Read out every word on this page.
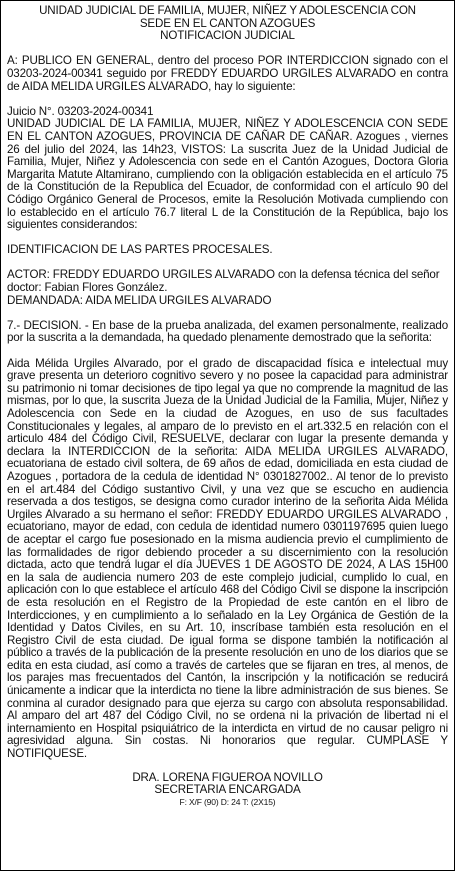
UNIDAD JUDICIAL DE FAMILIA, MUJER, NIÑEZ Y ADOLESCENCIA CON
SEDE EN EL CANTON AZOGUES
NOTIFICACION JUDICIAL

A: PUBLICO EN GENERAL, dentro del proceso POR INTERDICCION signado con el 03203-2024-00341 seguido por FREDDY EDUARDO URGILES ALVARADO en contra de AIDA MELIDA URGILES ALVARADO, hay lo siguiente:

Juicio N°. 03203-2024-00341

UNIDAD JUDICIAL DE LA FAMILIA, MUJER, NIÑEZ Y ADOLESCENCIA CON SEDE EN EL CANTON AZOGUES, PROVINCIA DE CAÑAR DE CAÑAR. Azogues , viernes 26 del julio del 2024, las 14h23, VISTOS: La suscrita Juez de la Unidad Judicial de Familia, Mujer, Niñez y Adolescencia con sede en el Cantón Azogues, Doctora Gloria Margarita Matute Altamirano, cumpliendo con la obligación establecida en el artículo 75 de la Constitución de la Republica del Ecuador, de conformidad con el artículo 90 del Código Orgánico General de Procesos, emite la Resolución Motivada cumpliendo con lo establecido en el artículo 76.7 literal L de la Constitución de la República, bajo los siguientes considerandos:

IDENTIFICACION DE LAS PARTES PROCESALES.

ACTOR: FREDDY EDUARDO URGILES ALVARADO con la defensa técnica del señor doctor: Fabian Flores González.

DEMANDADA: AIDA MELIDA URGILES ALVARADO

7.- DECISION. - En base de la prueba analizada, del examen personalmente, realizado por la suscrita a la demandada, ha quedado plenamente demostrado que la señorita:

Aida Mélida Urgiles Alvarado, por el grado de discapacidad física e intelectual muy grave presenta un deterioro cognitivo severo y no posee la capacidad para administrar su patrimonio ni tomar decisiones de tipo legal ya que no comprende la magnitud de las mismas, por lo que, la suscrita Jueza de la Unidad Judicial de la Familia, Mujer, Niñez y Adolescencia con Sede en la ciudad de Azogues, en uso de sus facultades Constitucionales y legales, al amparo de lo previsto en el art.332.5 en relación con el articulo 484 del Código Civil, RESUELVE, declarar con lugar la presente demanda y declara la INTERDICCION de la señorita: AIDA MELIDA URGILES ALVARADO, ecuatoriana de estado civil soltera, de 69 años de edad, domiciliada en esta ciudad de Azogues , portadora de la cedula de identidad N° 0301827002.. Al tenor de lo previsto en el art.484 del Código sustantivo Civil, y una vez que se escucho en audiencia reservada a dos testigos, se designa como curador interino de la señorita Aida Mélida Urgiles Alvarado a su hermano el señor: FREDDY EDUARDO URGILES ALVARADO , ecuatoriano, mayor de edad, con cedula de identidad numero 0301197695 quien luego de aceptar el cargo fue posesionado en la misma audiencia previo el cumplimiento de las formalidades de rigor debiendo proceder a su discernimiento con la resolución dictada, acto que tendrá lugar el día JUEVES 1 DE AGOSTO DE 2024, A LAS 15H00 en la sala de audiencia numero 203 de este complejo judicial, cumplido lo cual, en aplicación con lo que establece el artículo 468 del Código Civil se dispone la inscripción de esta resolución en el Registro de la Propiedad de este cantón en el libro de Interdicciones, y en cumplimiento a lo señalado en la Ley Orgánica de Gestión de la Identidad y Datos Civiles, en su Art. 10, inscríbase también esta resolución en el Registro Civil de esta ciudad. De igual forma se dispone también la notificación al público a través de la publicación de la presente resolución en uno de los diarios que se edita en esta ciudad, así como a través de carteles que se fijaran en tres, al menos, de los parajes mas frecuentados del Cantón, la inscripción y la notificación se reducirá únicamente a indicar que la interdicta no tiene la libre administración de sus bienes. Se conmina al curador designado para que ejerza su cargo con absoluta responsabilidad. Al amparo del art 487 del Código Civil, no se ordena ni la privación de libertad ni el internamiento en Hospital psiquiátrico de la interdicta en virtud de no causar peligro ni agresividad alguna. Sin costas. Ni honorarios que regular. CUMPLASE Y NOTIFIQUESE.

DRA. LORENA FIGUEROA NOVILLO
SECRETARIA ENCARGADA
F: X/F (90) D: 24 T: (2X15)
